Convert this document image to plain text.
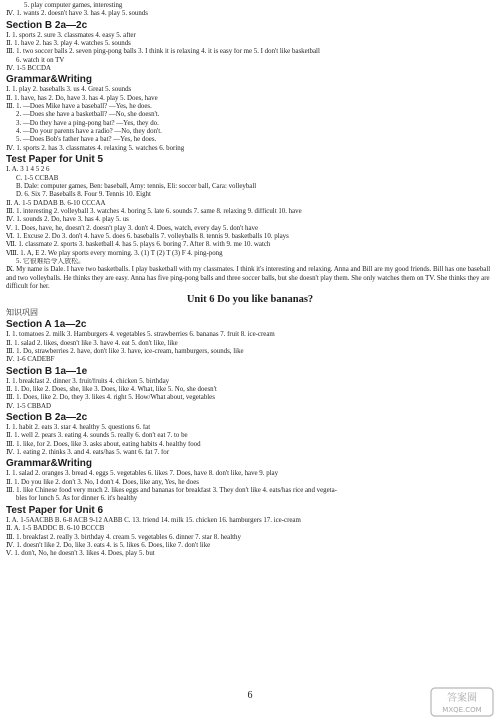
5. play computer games, interesting
Ⅳ. 1. wants 2. doesn't have 3. has 4. play 5. sounds
Section B 2a—2c
Ⅰ. 1. sports 2. sure 3. classmates 4. easy 5. after
Ⅱ. 1. have 2. has 3. play 4. watches 5. sounds
Ⅲ. 1. two soccer balls 2. seven ping-pong balls 3. I think it is relaxing 4. it is easy for me 5. I don't like basketball
6. watch it on TV
Ⅳ. 1-5 BCCDA
Grammar&Writing
Ⅰ. 1. play 2. baseballs 3. us 4. Great 5. sounds
Ⅱ. 1. have, has 2. Do, have 3. has 4. play 5. Does, have
Ⅲ. 1. —Does Mike have a baseball? —Yes, he does.
2. —Does she have a basketball? —No, she doesn't.
3. —Do they have a ping-pong bat? —Yes, they do.
4. —Do your parents have a radio? —No, they don't.
5. —Does Bob's father have a bat? —Yes, he does.
Ⅳ. 1. sports 2. has 3. classmates 4. relaxing 5. watches 6. boring
Test Paper for Unit 5
Ⅰ. A. 3 1 4 5 2 6
C. 1-5 CCBAB
B. Dale: computer games, Ben: baseball, Amy: tennis, Eli: soccer ball, Cara: volleyball
D. 6. Six 7. Baseballs 8. Four 9. Tennis 10. Eight
Ⅱ. A. 1-5 DADAB B. 6-10 CCCAA
Ⅲ. 1. interesting 2. volleyball 3. watches 4. boring 5. late 6. sounds 7. same 8. relaxing 9. difficult 10. have
Ⅳ. 1. sounds 2. Do, have 3. has 4. play 5. us
Ⅴ. 1. Does, have, he, doesn't 2. doesn't play 3. don't 4. Does, watch, every day 5. don't have
Ⅵ. 1. Excuse 2. Do 3. don't 4. have 5. does 6. baseballs 7. volleyballs 8. tennis 9. basketballs 10. plays
Ⅶ. 1. classmate 2. sports 3. basketball 4. has 5. plays 6. boring 7. After 8. with 9. me 10. watch
Ⅷ. 1. A, E 2. We play sports every morning. 3. (1) T (2) T (3) F 4. ping-pong
5. 它很难给令人放松。
Ⅸ. My name is Dale. I have two basketballs. I play basketball with my classmates. I think it's interesting and relaxing. Anna and Bill are my good friends. Bill has one baseball and two volleyballs. He thinks they are easy. Anna has five ping-pong balls and three soccer balls, but she doesn't play them. She only watches them on TV. She thinks they are difficult for her.
Unit 6 Do you like bananas?
知识巩固
Section A 1a—2c
Ⅰ. 1. tomatoes 2. milk 3. Hamburgers 4. vegetables 5. strawberries 6. bananas 7. fruit 8. ice-cream
Ⅱ. 1. salad 2. likes, doesn't like 3. have 4. eat 5. don't like, like
Ⅲ. 1. Do, strawberries 2. have, don't like 3. have, ice-cream, hamburgers, sounds, like
Ⅳ. 1-6 CADEBF
Section B 1a—1e
Ⅰ. 1. breakfast 2. dinner 3. fruit/fruits 4. chicken 5. birthday
Ⅱ. 1. Do, like 2. Does, she, like 3. Does, like 4. What, like 5. No, she doesn't
Ⅲ. 1. Does, like 2. Do, they 3. likes 4. right 5. How/What about, vegetables
Ⅳ. 1-5 CBBAD
Section B 2a—2c
Ⅰ. 1. habit 2. eats 3. star 4. healthy 5. questions 6. fat
Ⅱ. 1. well 2. pears 3. eating 4. sounds 5. really 6. don't eat 7. to be
Ⅲ. 1. like, for 2. Does, like 3. asks about, eating habits 4. healthy food
Ⅳ. 1. eating 2. thinks 3. and 4. eats/has 5. want 6. fat 7. for
Grammar&Writing
Ⅰ. 1. salad 2. oranges 3. bread 4. eggs 5. vegetables 6. likes 7. Does, have 8. don't like, have 9. play
Ⅱ. 1. Do you like 2. don't 3. No, I don't 4. Does, like any, Yes, he does
Ⅲ. 1. like Chinese food very much 2. likes eggs and bananas for breakfast 3. They don't like 4. eats/has rice and vegeta-
bles for lunch 5. As for dinner 6. it's healthy
Test Paper for Unit 6
Ⅰ. A. 1-5AACBB B. 6-8 ACB 9-12 AABB C. 13. friend 14. milk 15. chicken 16. hamburgers 17. ice-cream
Ⅱ. A. 1-5 BADDC B. 6-10 BCCCB
Ⅲ. 1. breakfast 2. really 3. birthday 4. cream 5. vegetables 6. dinner 7. star 8. healthy
Ⅳ. 1. doesn't like 2. Do, like 3. eats 4. is 5. likes 6. Does, like 7. don't like
Ⅴ. 1. don't, No, he doesn't 3. likes 4. Does, play 5. but
6	答案圈
MXQE.COM
